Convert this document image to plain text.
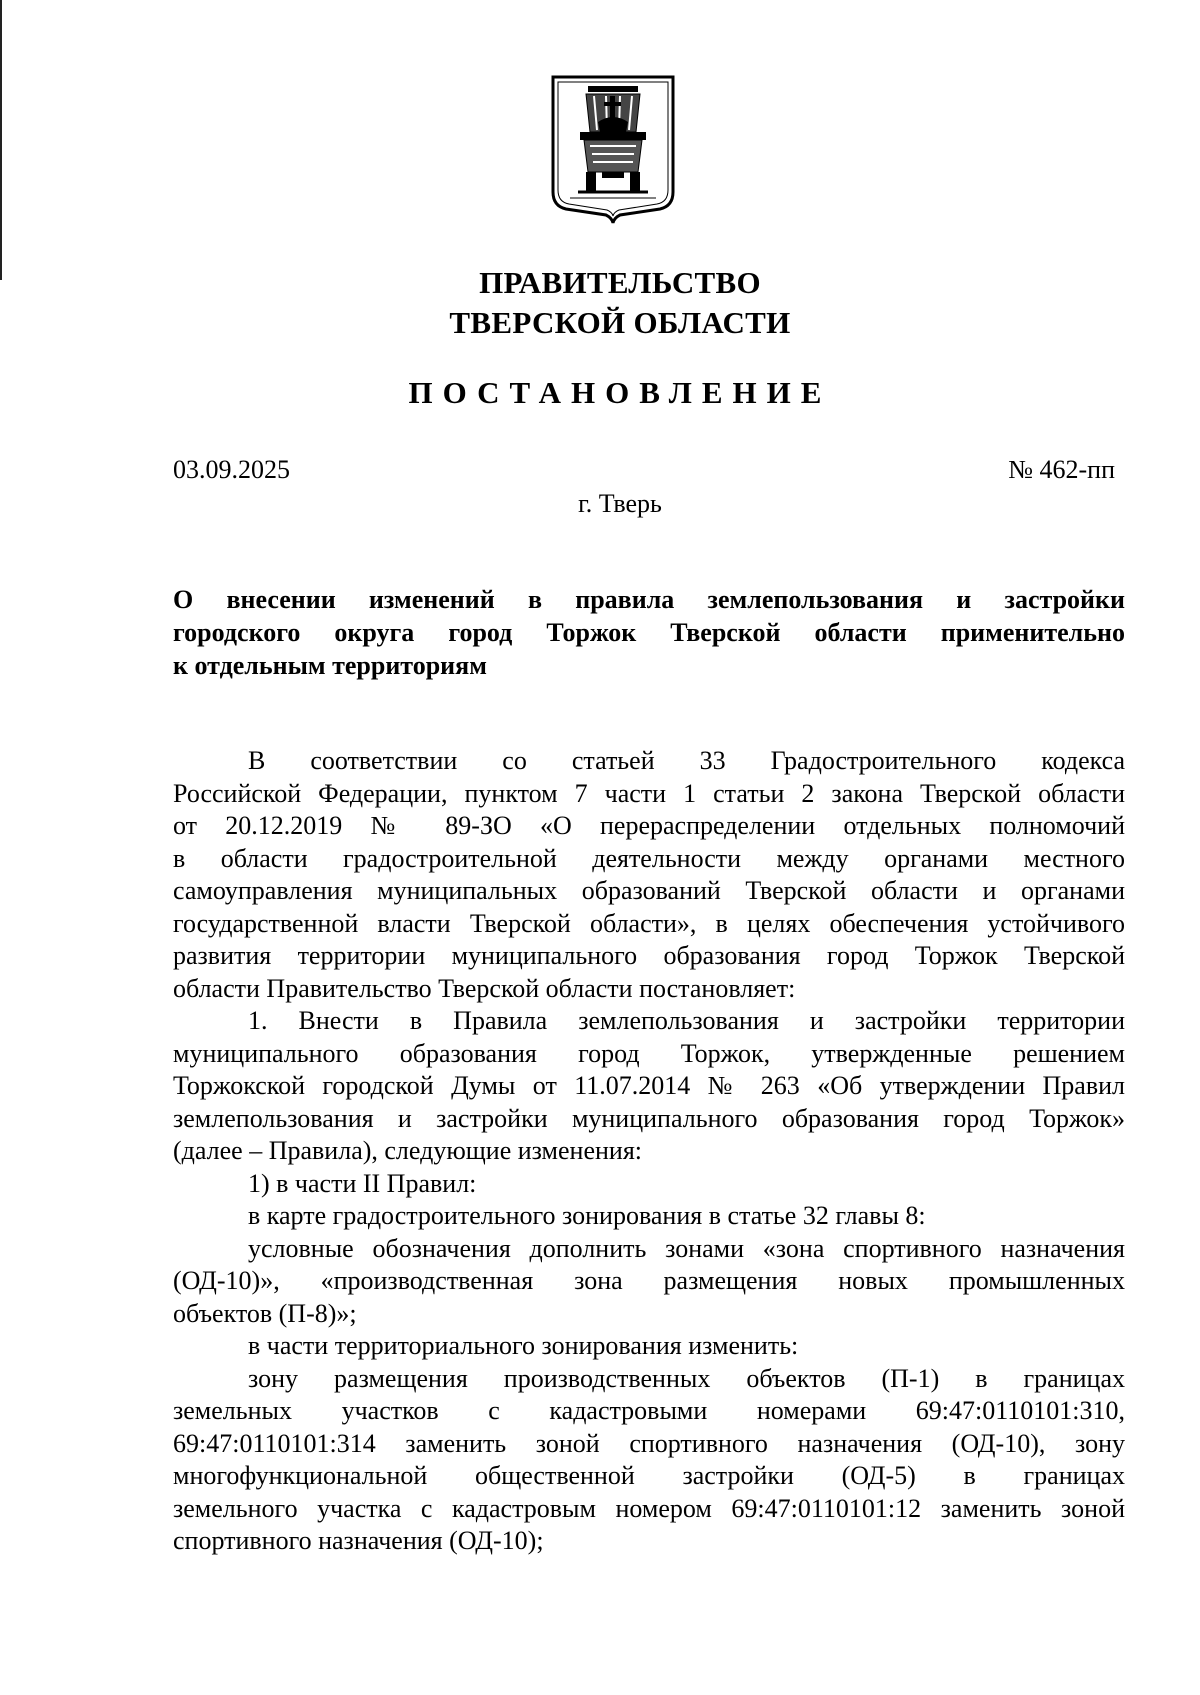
ПРАВИТЕЛЬСТВО
ТВЕРСКОЙ ОБЛАСТИ
ПОСТАНОВЛЕНИЕ
03.09.2025	№ 462-пп
г. Тверь
О внесении изменений в правила землепользования и застройки
городского округа город Торжок Тверской области применительно
к отдельным территориям
В соответствии со статьей 33 Градостроительного кодекса
Российской Федерации, пунктом 7 части 1 статьи 2 закона Тверской области
от 20.12.2019 № 89-ЗО «О перераспределении отдельных полномочий
в области градостроительной деятельности между органами местного
самоуправления муниципальных образований Тверской области и органами
государственной власти Тверской области», в целях обеспечения устойчивого
развития территории муниципального образования город Торжок Тверской
области Правительство Тверской области постановляет:
1. Внести в Правила землепользования и застройки территории
муниципального образования город Торжок, утвержденные решением
Торжокской городской Думы от 11.07.2014 № 263 «Об утверждении Правил
землепользования и застройки муниципального образования город Торжок»
(далее – Правила), следующие изменения:
1) в части II Правил:
в карте градостроительного зонирования в статье 32 главы 8:
условные обозначения дополнить зонами «зона спортивного назначения
(ОД-10)», «производственная зона размещения новых промышленных
объектов (П-8)»;
в части территориального зонирования изменить:
зону размещения производственных объектов (П-1) в границах
земельных участков с кадастровыми номерами 69:47:0110101:310,
69:47:0110101:314 заменить зоной спортивного назначения (ОД-10), зону
многофункциональной общественной застройки (ОД-5) в границах
земельного участка с кадастровым номером 69:47:0110101:12 заменить зоной
спортивного назначения (ОД-10);
